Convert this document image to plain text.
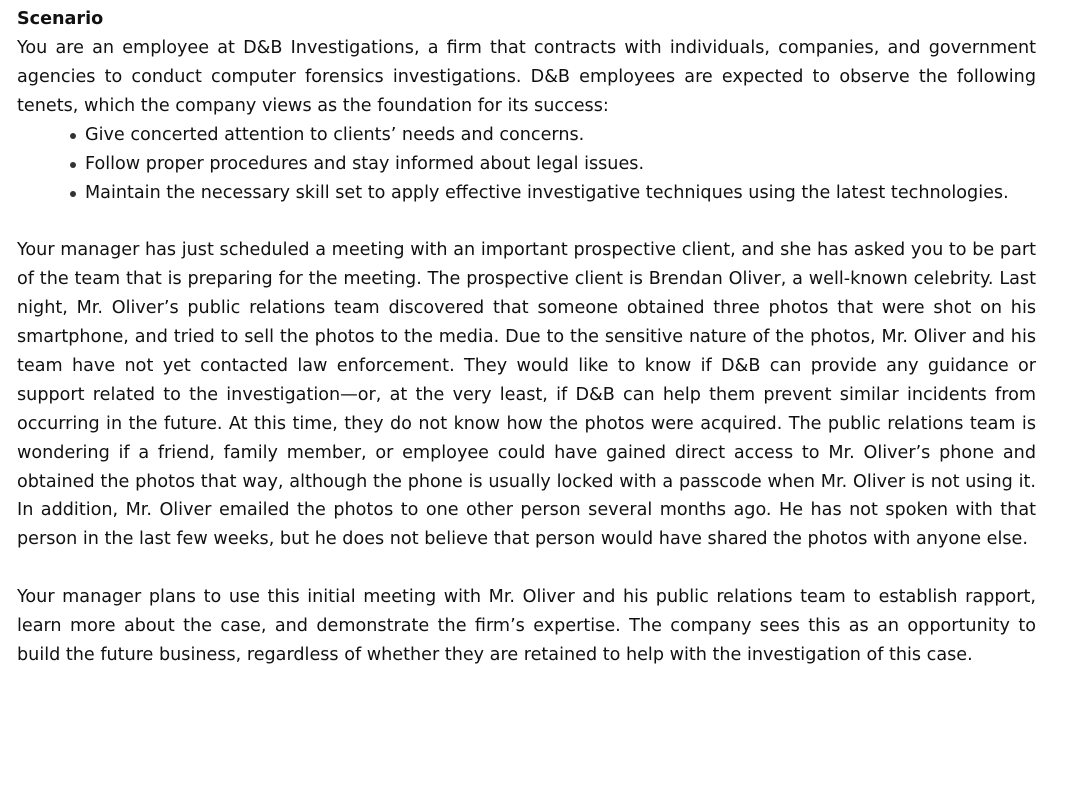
Scenario

You are an employee at D&B Investigations, a firm that contracts with individuals, companies, and government agencies to conduct computer forensics investigations. D&B employees are expected to observe the following tenets, which the company views as the foundation for its success:

Give concerted attention to clients’ needs and concerns.
Follow proper procedures and stay informed about legal issues.
Maintain the necessary skill set to apply effective investigative techniques using the latest technologies.

Your manager has just scheduled a meeting with an important prospective client, and she has asked you to be part of the team that is preparing for the meeting. The prospective client is Brendan Oliver, a well-known celebrity. Last night, Mr. Oliver’s public relations team discovered that someone obtained three photos that were shot on his smartphone, and tried to sell the photos to the media. Due to the sensitive nature of the photos, Mr. Oliver and his team have not yet contacted law enforcement. They would like to know if D&B can provide any guidance or support related to the investigation—or, at the very least, if D&B can help them prevent similar incidents from occurring in the future. At this time, they do not know how the photos were acquired. The public relations team is wondering if a friend, family member, or employee could have gained direct access to Mr. Oliver’s phone and obtained the photos that way, although the phone is usually locked with a passcode when Mr. Oliver is not using it. In addition, Mr. Oliver emailed the photos to one other person several months ago. He has not spoken with that person in the last few weeks, but he does not believe that person would have shared the photos with anyone else.

Your manager plans to use this initial meeting with Mr. Oliver and his public relations team to establish rapport, learn more about the case, and demonstrate the firm’s expertise. The company sees this as an opportunity to build the future business, regardless of whether they are retained to help with the investigation of this case.
